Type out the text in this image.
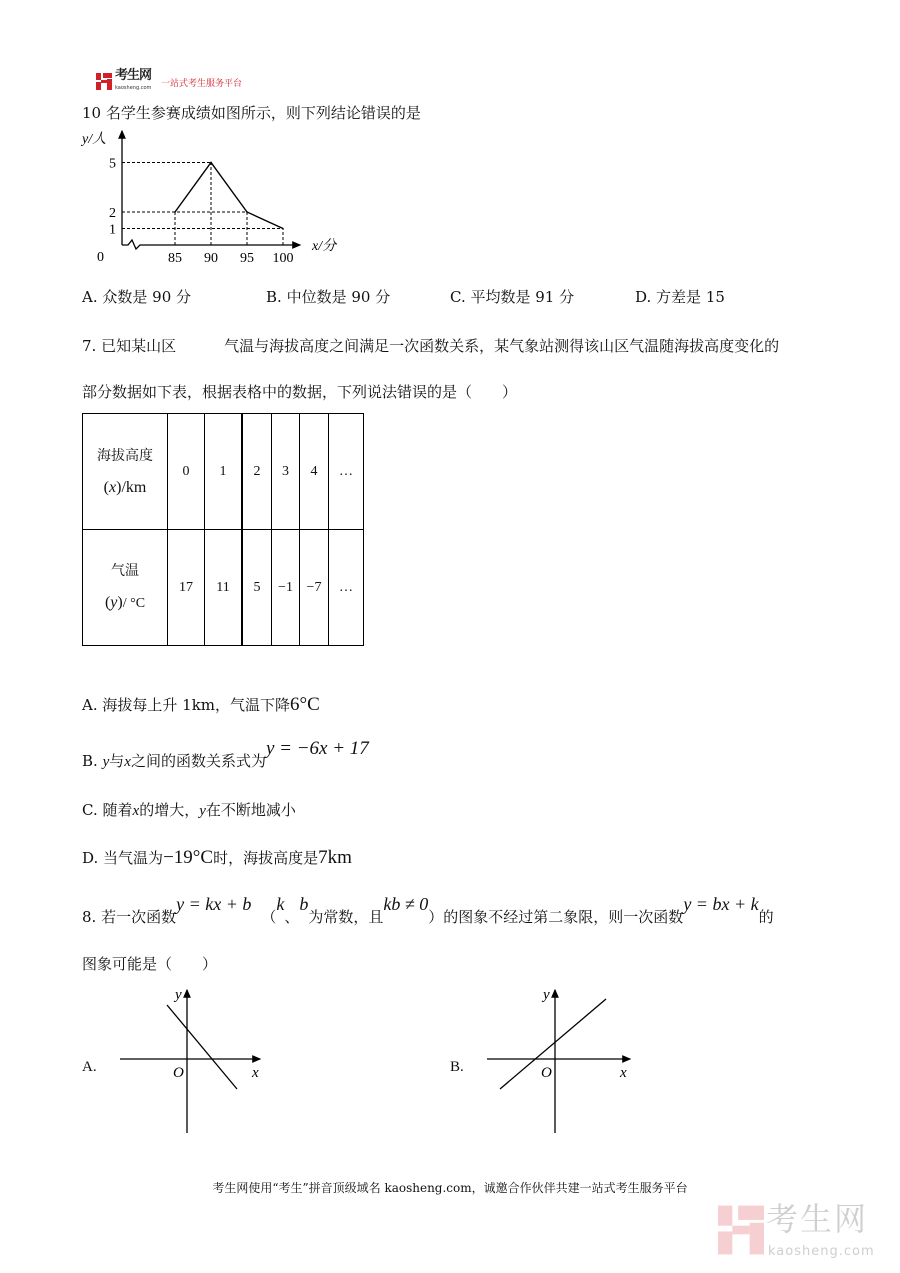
考生网
kaosheng.com 一站式考生服务平台
10 名学生参赛成绩如图所示，则下列结论错误的是
85 90 95 100
1
2
5
0
y/人
x/分
A. 众数是 90 分	B. 中位数是 90 分	C. 平均数是 91 分	D. 方差是 15
7. 已知某山区	气温与海拔高度之间满足一次函数关系，某气象站测得该山区气温随海拔高度变化的
部分数据如下表，根据表格中的数据，下列说法错误的是（　　）
海拔高度
(x)/km	0	1	2	3	4	…

气温
(y)/ °C	17	11	5	−1	−7	…
A. 海拔每上升 1km，气温下降6°C
B. y与x之间的函数关系式为y = −6x + 17
C. 随着x的增大，y在不断地减小
D. 当气温为−19°C时，海拔高度是7km
8. 若一次函数y = kx + b（k、b为常数，且kb ≠ 0）的图象不经过第二象限，则一次函数y = bx + k的
图象可能是（　　）
A.
y
x
O	B.
y
x
O
考生网使用“考生”拼音顶级域名 kaosheng.com，诚邀合作伙伴共建一站式考生服务平台
考生网
kaosheng.com
